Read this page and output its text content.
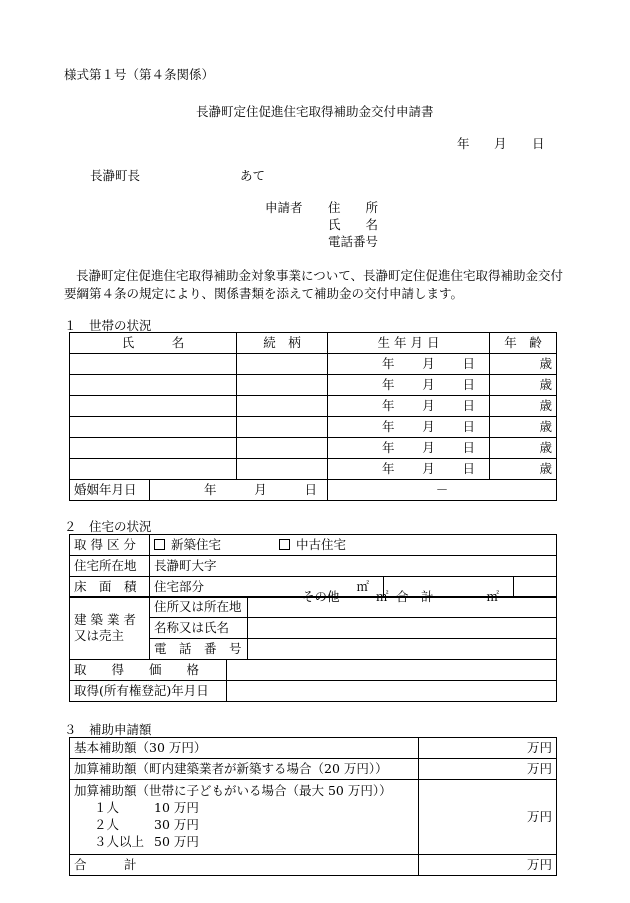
様式第１号（第４条関係）
長瀞町定住促進住宅取得補助金交付申請書
年 月 日
長瀞町長	あて
申請者 住　　所
氏　　名
電話番号
長瀞町定住促進住宅取得補助金対象事業について、長瀞町定住促進住宅取得補助金交付
要綱第４条の規定により、関係書類を添えて補助金の交付申請します。
１　世帯の状況
氏　　　名	続　柄	生 年 月 日	年　齢

		年 月 日	歳

		年 月 日	歳

		年 月 日	歳

		年 月 日	歳

		年 月 日	歳

		年 月 日	歳
婚姻年月日	年	月	日	－
２　住宅の状況
取 得 区 分	新築住宅 中古住宅		
住宅所在地	長瀞町大字		
床　面　積	住宅部分 ㎡	その他 ㎡ 合　計 ㎡	

建 築 業 者
又は売主	住所又は所在地	
	名称又は氏名	
	電　話　番　号	
取　　得　　価　　格	
取得(所有権登記)年月日	
３　補助申請額
基本補助額（30 万円）	万円
加算補助額（町内建築業者が新築する場合（20 万円））	万円

加算補助額（世帯に子どもがいる場合（最大 50 万円））
１人 10 万円
２人 30 万円
３人以上 50 万円	万円
合　　　計	万円
